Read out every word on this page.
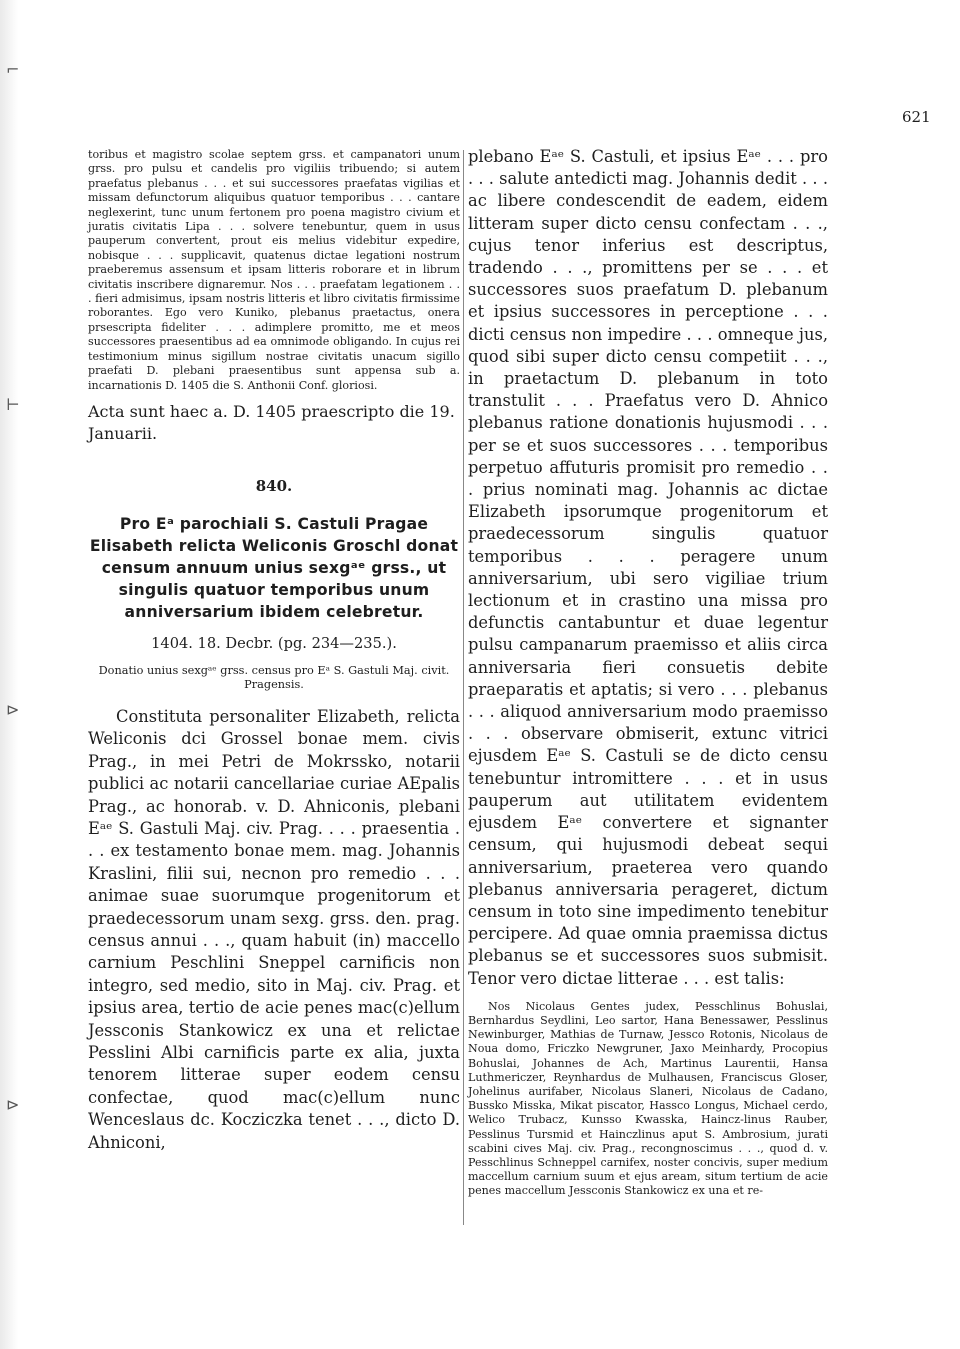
⌐
⊢
⊳
⊳
621

toribus et magistro scolae septem grss. et campanatori unum grss. pro pulsu et candelis pro vigiliis tribuendo; si autem praefatus plebanus . . . et sui successores praefatas vigilias et missam defunctorum aliquibus quatuor temporibus . . . cantare neglexerint, tunc unum fertonem pro poena magistro civium et juratis civitatis Lipa . . . solvere tenebuntur, quem in usus pauperum convertent, prout eis melius videbitur expedire, nobisque . . . supplicavit, quatenus dictae legationi nostrum praeberemus assensum et ipsam litteris roborare et in librum civitatis inscribere dignaremur. Nos . . . praefatam legationem . . . fieri admisimus, ipsam nostris litteris et libro civitatis firmissime roborantes. Ego vero Kuniko, plebanus praetactus, onera prsescripta fideliter . . . adimplere promitto, me et meos successores praesentibus ad ea omnimode obligando. In cujus rei testimonium minus sigillum nostrae civitatis unacum sigillo praefati D. plebani praesentibus sunt appensa sub a. incarnationis D. 1405 die S. Anthonii Conf. gloriosi.

Acta sunt haec a. D. 1405 praescripto die 19. Januarii.

840.

Pro Eᵃ parochiali S. Castuli Pragae Elisabeth relicta Weliconis Groschl donat censum annuum unius sexgᵃᵉ grss., ut singulis quatuor temporibus unum anniversarium ibidem celebretur.

1404. 18. Decbr. (pg. 234—235.).

Donatio unius sexgᵃᵉ grss. census pro Eᵃ S. Gastuli Maj. civit. Pragensis.

Constituta personaliter Elizabeth, relicta Weliconis dci Grossel bonae mem. civis Prag., in mei Petri de Mokrssko, notarii publici ac notarii cancellariae curiae AEpalis Prag., ac honorab. v. D. Ahniconis, plebani Eᵃᵉ S. Gastuli Maj. civ. Prag. . . . praesentia . . . ex testamento bonae mem. mag. Johannis Kraslini, filii sui, necnon pro remedio . . . animae suae suorumque progenitorum et praedecessorum unam sexg. grss. den. prag. census annui . . ., quam habuit (in) maccello carnium Peschlini Sneppel carnificis non integro, sed medio, sito in Maj. civ. Prag. et ipsius area, tertio de acie penes mac(c)ellum Jessconis Stankowicz ex una et relictae Pesslini Albi carnificis parte ex alia, juxta tenorem litterae super eodem censu confectae, quod mac(c)ellum nunc Wenceslaus dc. Kocziczka tenet . . ., dicto D. Ahniconi,

plebano Eᵃᵉ S. Castuli, et ipsius Eᵃᵉ . . . pro . . . salute antedicti mag. Johannis dedit . . . ac libere condescendit de eadem, eidem litteram super dicto censu confectam . . ., cujus tenor inferius est descriptus, tradendo . . ., promittens per se . . . et successores suos praefatum D. plebanum et ipsius successores in perceptione . . . dicti census non impedire . . . omneque jus, quod sibi super dicto censu competiit . . ., in praetactum D. plebanum in toto transtulit . . . Praefatus vero D. Ahnico plebanus ratione donationis hujusmodi . . . per se et suos successores . . . temporibus perpetuo affuturis promisit pro remedio . . . prius nominati mag. Johannis ac dictae Elizabeth ipsorumque progenitorum et praedecessorum singulis quatuor temporibus . . . peragere unum anniversarium, ubi sero vigiliae trium lectionum et in crastino una missa pro defunctis cantabuntur et duae legentur pulsu campanarum praemisso et aliis circa anniversaria fieri consuetis debite praeparatis et aptatis; si vero . . . plebanus . . . aliquod anniversarium modo praemisso . . . observare obmiserit, extunc vitrici ejusdem Eᵃᵉ S. Castuli se de dicto censu tenebuntur intromittere . . . et in usus pauperum aut utilitatem evidentem ejusdem Eᵃᵉ convertere et signanter censum, qui hujusmodi debeat sequi anniversarium, praeterea vero quando plebanus anniversaria perageret, dictum censum in toto sine impedimento tenebitur percipere. Ad quae omnia praemissa dictus plebanus se et successores suos submisit. Tenor vero dictae litterae . . . est talis:

Nos Nicolaus Gentes judex, Pesschlinus Bohuslai, Bernhardus Seydlini, Leo sartor, Hana Benessawer, Pesslinus Newinburger, Mathias de Turnaw, Jessco Rotonis, Nicolaus de Noua domo, Friczko Newgruner, Jaxo Meinhardy, Procopius Bohuslai, Johannes de Ach, Martinus Laurentii, Hansa Luthmericzer, Reynhardus de Mulhausen, Franciscus Gloser, Johelinus aurifaber, Nicolaus Slaneri, Nicolaus de Cadano, Bussko Misska, Mikat piscator, Hassco Longus, Michael cerdo, Welico Trubacz, Kunsso Kwasska, Haincz-linus Rauber, Pesslinus Tursmid et Hainczlinus aput S. Ambrosium, jurati scabini cives Maj. civ. Prag., recongnoscimus . . ., quod d. v. Pesschlinus Schneppel carnifex, noster concivis, super medium maccellum carnium suum et ejus aream, situm tertium de acie penes maccellum Jessconis Stankowicz ex una et re-
